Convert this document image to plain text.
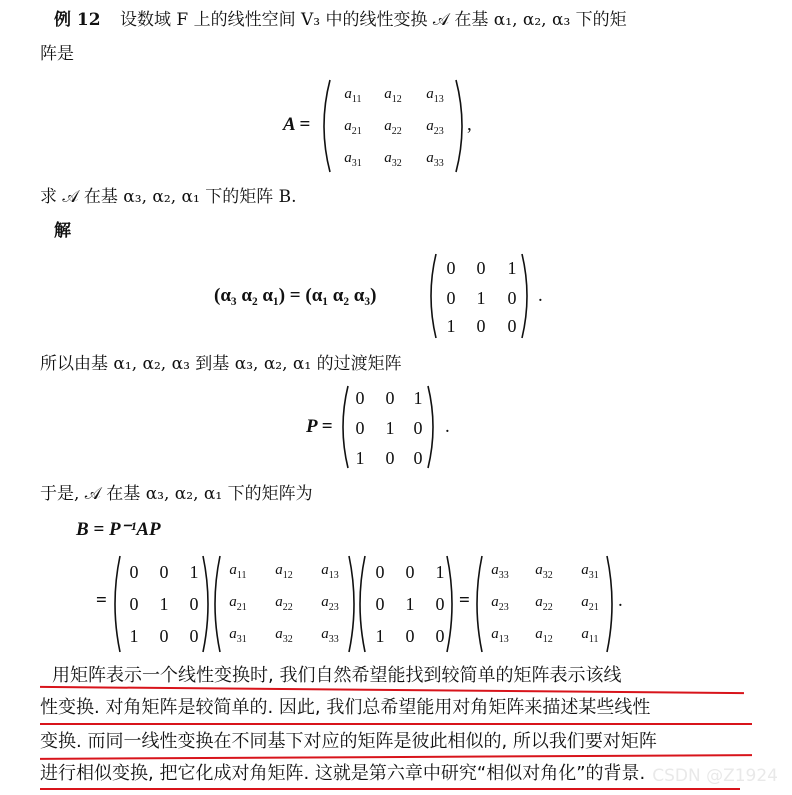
例 12 设数域 F 上的线性空间 V₃ 中的线性变换 𝒜 在基 α₁, α₂, α₃ 下的矩
阵是
A =
$a_{11}$	$a_{12}$	$a_{13}$
$a_{21}$	$a_{22}$	$a_{23}$
$a_{31}$	$a_{32}$	$a_{33}$
,
求 𝒜 在基 α₃, α₂, α₁ 下的矩阵 B.
解
(α₃ α₂ α₁) = (α₁ α₂ α₃)
0	0	1
0	1	0
1	0	0
.
所以由基 α₁, α₂, α₃ 到基 α₃, α₂, α₁ 的过渡矩阵
P =
0	0	1
0	1	0
1	0	0
.
于是, 𝒜 在基 α₃, α₂, α₁ 下的矩阵为
B = P⁻¹AP
=
0	0	1
0	1	0
1	0	0
$a_{11}$	$a_{12}$	$a_{13}$
$a_{21}$	$a_{22}$	$a_{23}$
$a_{31}$	$a_{32}$	$a_{33}$
0	0	1
0	1	0
1	0	0
=
$a_{33}$	$a_{32}$	$a_{31}$
$a_{23}$	$a_{22}$	$a_{21}$
$a_{13}$	$a_{12}$	$a_{11}$
.
用矩阵表示一个线性变换时, 我们自然希望能找到较简单的矩阵表示该线
性变换. 对角矩阵是较简单的. 因此, 我们总希望能用对角矩阵来描述某些线性
变换. 而同一线性变换在不同基下对应的矩阵是彼此相似的, 所以我们要对矩阵
进行相似变换, 把它化成对角矩阵. 这就是第六章中研究“相似对角化”的背景. CSDN @Z1924
